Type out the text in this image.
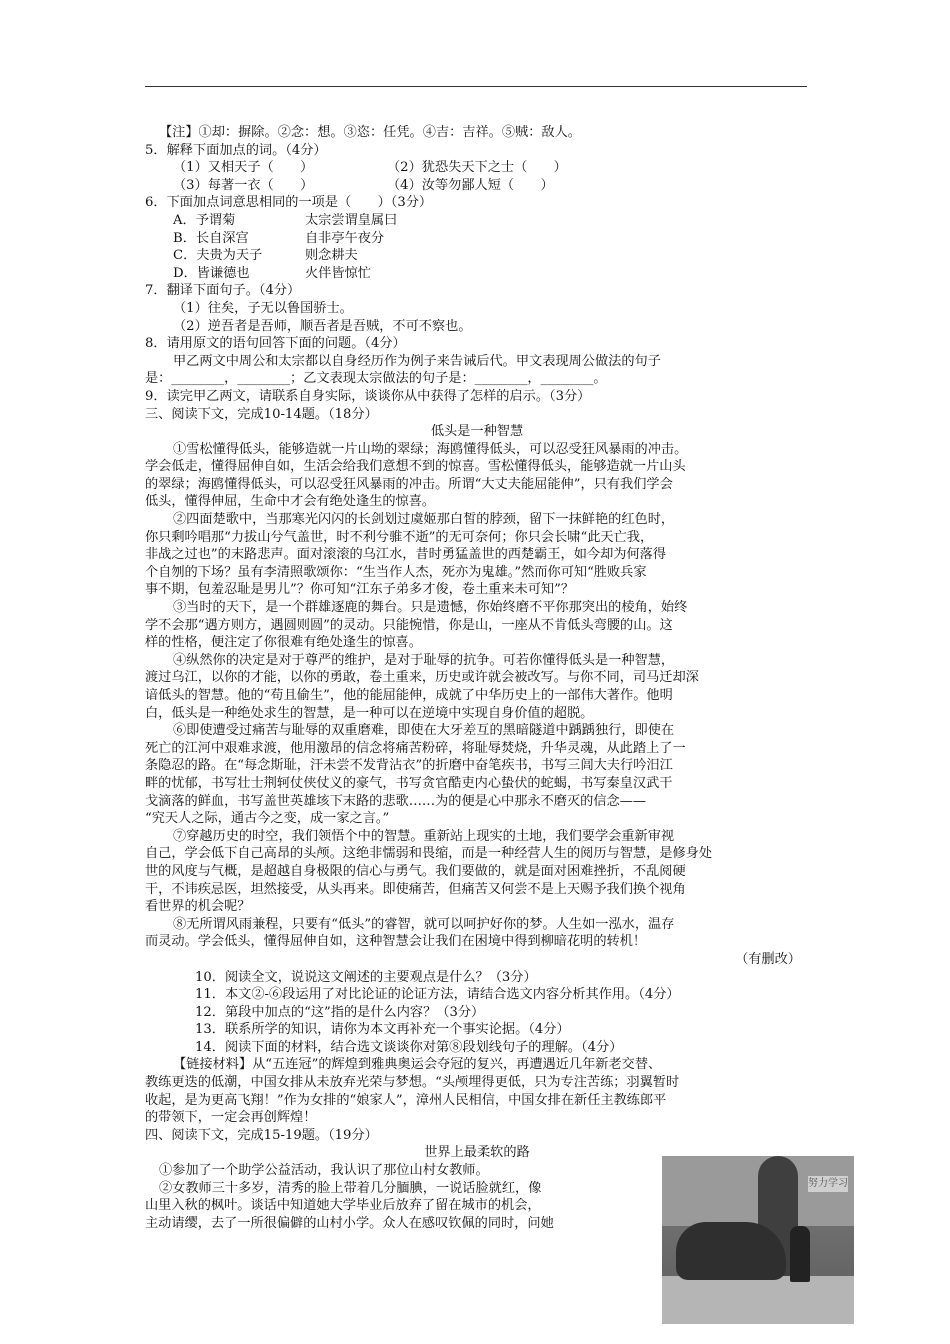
【注】①却：摒除。②念：想。③恣：任凭。④吉：吉祥。⑤贼：敌人。
5．解释下面加点的词。（4分）
（1）又相天子（　　）	（2）犹恐失天下之士（　　）
（3）每著一衣（　　）	（4）汝等勿鄙人短（　　）
6．下面加点词意思相同的一项是（　　）（3分）
A．予谓菊	太宗尝谓皇属曰
B．长自深宫	自非亭午夜分
C．夫贵为天子	则念耕夫
D．皆谦德也	火伴皆惊忙
7．翻译下面句子。（4分）
（1）往矣，子无以鲁国骄士。
（2）逆吾者是吾师，顺吾者是吾贼，不可不察也。
8．请用原文的语句回答下面的问题。（4分）
甲乙两文中周公和太宗都以自身经历作为例子来告诫后代。甲文表现周公做法的句子
是：________，________；乙文表现太宗做法的句子是：________，________。
9．读完甲乙两文，请联系自身实际，谈谈你从中获得了怎样的启示。（3分）
三、阅读下文，完成10-14题。（18分）
低头是一种智慧
①雪松懂得低头，能够造就一片山坳的翠绿；海鸥懂得低头，可以忍受狂风暴雨的冲击。
学会低走，懂得屈伸自如，生活会给我们意想不到的惊喜。雪松懂得低头，能够造就一片山头
的翠绿；海鸥懂得低头，可以忍受狂风暴雨的冲击。所谓“大丈夫能屈能伸”，只有我们学会
低头，懂得伸屈，生命中才会有绝处逢生的惊喜。
②四面楚歌中，当那寒光闪闪的长剑划过虞姬那白皙的脖颈，留下一抹鲜艳的红色时，
你只剩吟唱那“力拔山兮气盖世，时不利兮骓不逝”的无可奈何；你只会长啸“此天亡我，
非战之过也”的末路悲声。面对滚滚的乌江水，昔时勇猛盖世的西楚霸王，如今却为何落得
个自刎的下场？虽有李清照歌颂你：“生当作人杰，死亦为鬼雄。”然而你可知“胜败兵家
事不期，包羞忍耻是男儿”？你可知“江东子弟多才俊，卷土重来未可知”？
③当时的天下，是一个群雄逐鹿的舞台。只是遗憾，你始终磨不平你那突出的棱角，始终
学不会那“遇方则方，遇圆则圆”的灵动。只能惋惜，你是山，一座从不肯低头弯腰的山。这
样的性格，便注定了你很难有绝处逢生的惊喜。
④纵然你的决定是对于尊严的维护，是对于耻辱的抗争。可若你懂得低头是一种智慧，
渡过乌江，以你的才能，以你的勇敢，卷土重来，历史或许就会被改写。与你不同，司马迁却深
谙低头的智慧。他的“苟且偷生”，他的能屈能伸，成就了中华历史上的一部伟大著作。他明
白，低头是一种绝处求生的智慧，是一种可以在逆境中实现自身价值的超脱。
⑥即使遭受过痛苦与耻辱的双重磨难，即使在大牙差互的黑暗隧道中踽踽独行，即使在
死亡的江河中艰难求渡，他用激昂的信念将痛苦粉碎，将耻辱焚烧，升华灵魂，从此踏上了一
条隐忍的路。在“每念斯耻，汗未尝不发背沾衣”的折磨中奋笔疾书，书写三闾大夫行吟汨江
畔的忧郁，书写壮士荆轲仗侠仗义的豪气，书写贪官酷吏内心蛰伏的蛇蝎，书写秦皇汉武干
戈滴落的鲜血，书写盖世英雄垓下末路的悲歌……为的便是心中那永不磨灭的信念——
“究天人之际，通古今之变，成一家之言。”
⑦穿越历史的时空，我们领悟个中的智慧。重新站上现实的土地，我们要学会重新审视
自己，学会低下自己高昂的头颅。这绝非懦弱和畏缩，而是一种经营人生的阅历与智慧，是修身处
世的风度与气概，是超越自身极限的信心与勇气。我们要做的，就是面对困难挫折，不乱阅硬
干，不讳疾忌医，坦然接受，从头再来。即使痛苦，但痛苦又何尝不是上天赐予我们换个视角
看世界的机会呢？
⑧无所谓风雨兼程，只要有“低头”的睿智，就可以呵护好你的梦。人生如一泓水，温存
而灵动。学会低头，懂得屈伸自如，这种智慧会让我们在困境中得到柳暗花明的转机！
（有删改）
10．阅读全文，说说这文阐述的主要观点是什么？（3分）
11．本文②-⑥段运用了对比论证的论证方法，请结合选文内容分析其作用。（4分）
12．第段中加点的“这”指的是什么内容？（3分）
13．联系所学的知识，请你为本文再补充一个事实论据。（4分）
14．阅读下面的材料，结合选文谈谈你对第⑧段划线句子的理解。（4分）
【链接材料】从“五连冠”的辉煌到雅典奥运会夺冠的复兴，再遭遇近几年新老交替、
教练更迭的低潮，中国女排从未放弃光荣与梦想。“头颅埋得更低，只为专注苦练；羽翼暂时
收起，是为更高飞翔！”作为女排的“娘家人”，漳州人民相信，中国女排在新任主教练郎平
的带领下，一定会再创辉煌！
四、阅读下文，完成15-19题。（19分）
世界上最柔软的路
①参加了一个助学公益活动，我认识了那位山村女教师。
②女教师三十多岁，清秀的脸上带着几分腼腆，一说话脸就红，像
山里入秋的枫叶。谈话中知道她大学毕业后放弃了留在城市的机会，
主动请缨，去了一所很偏僻的山村小学。众人在感叹钦佩的同时，问她
努力学习
